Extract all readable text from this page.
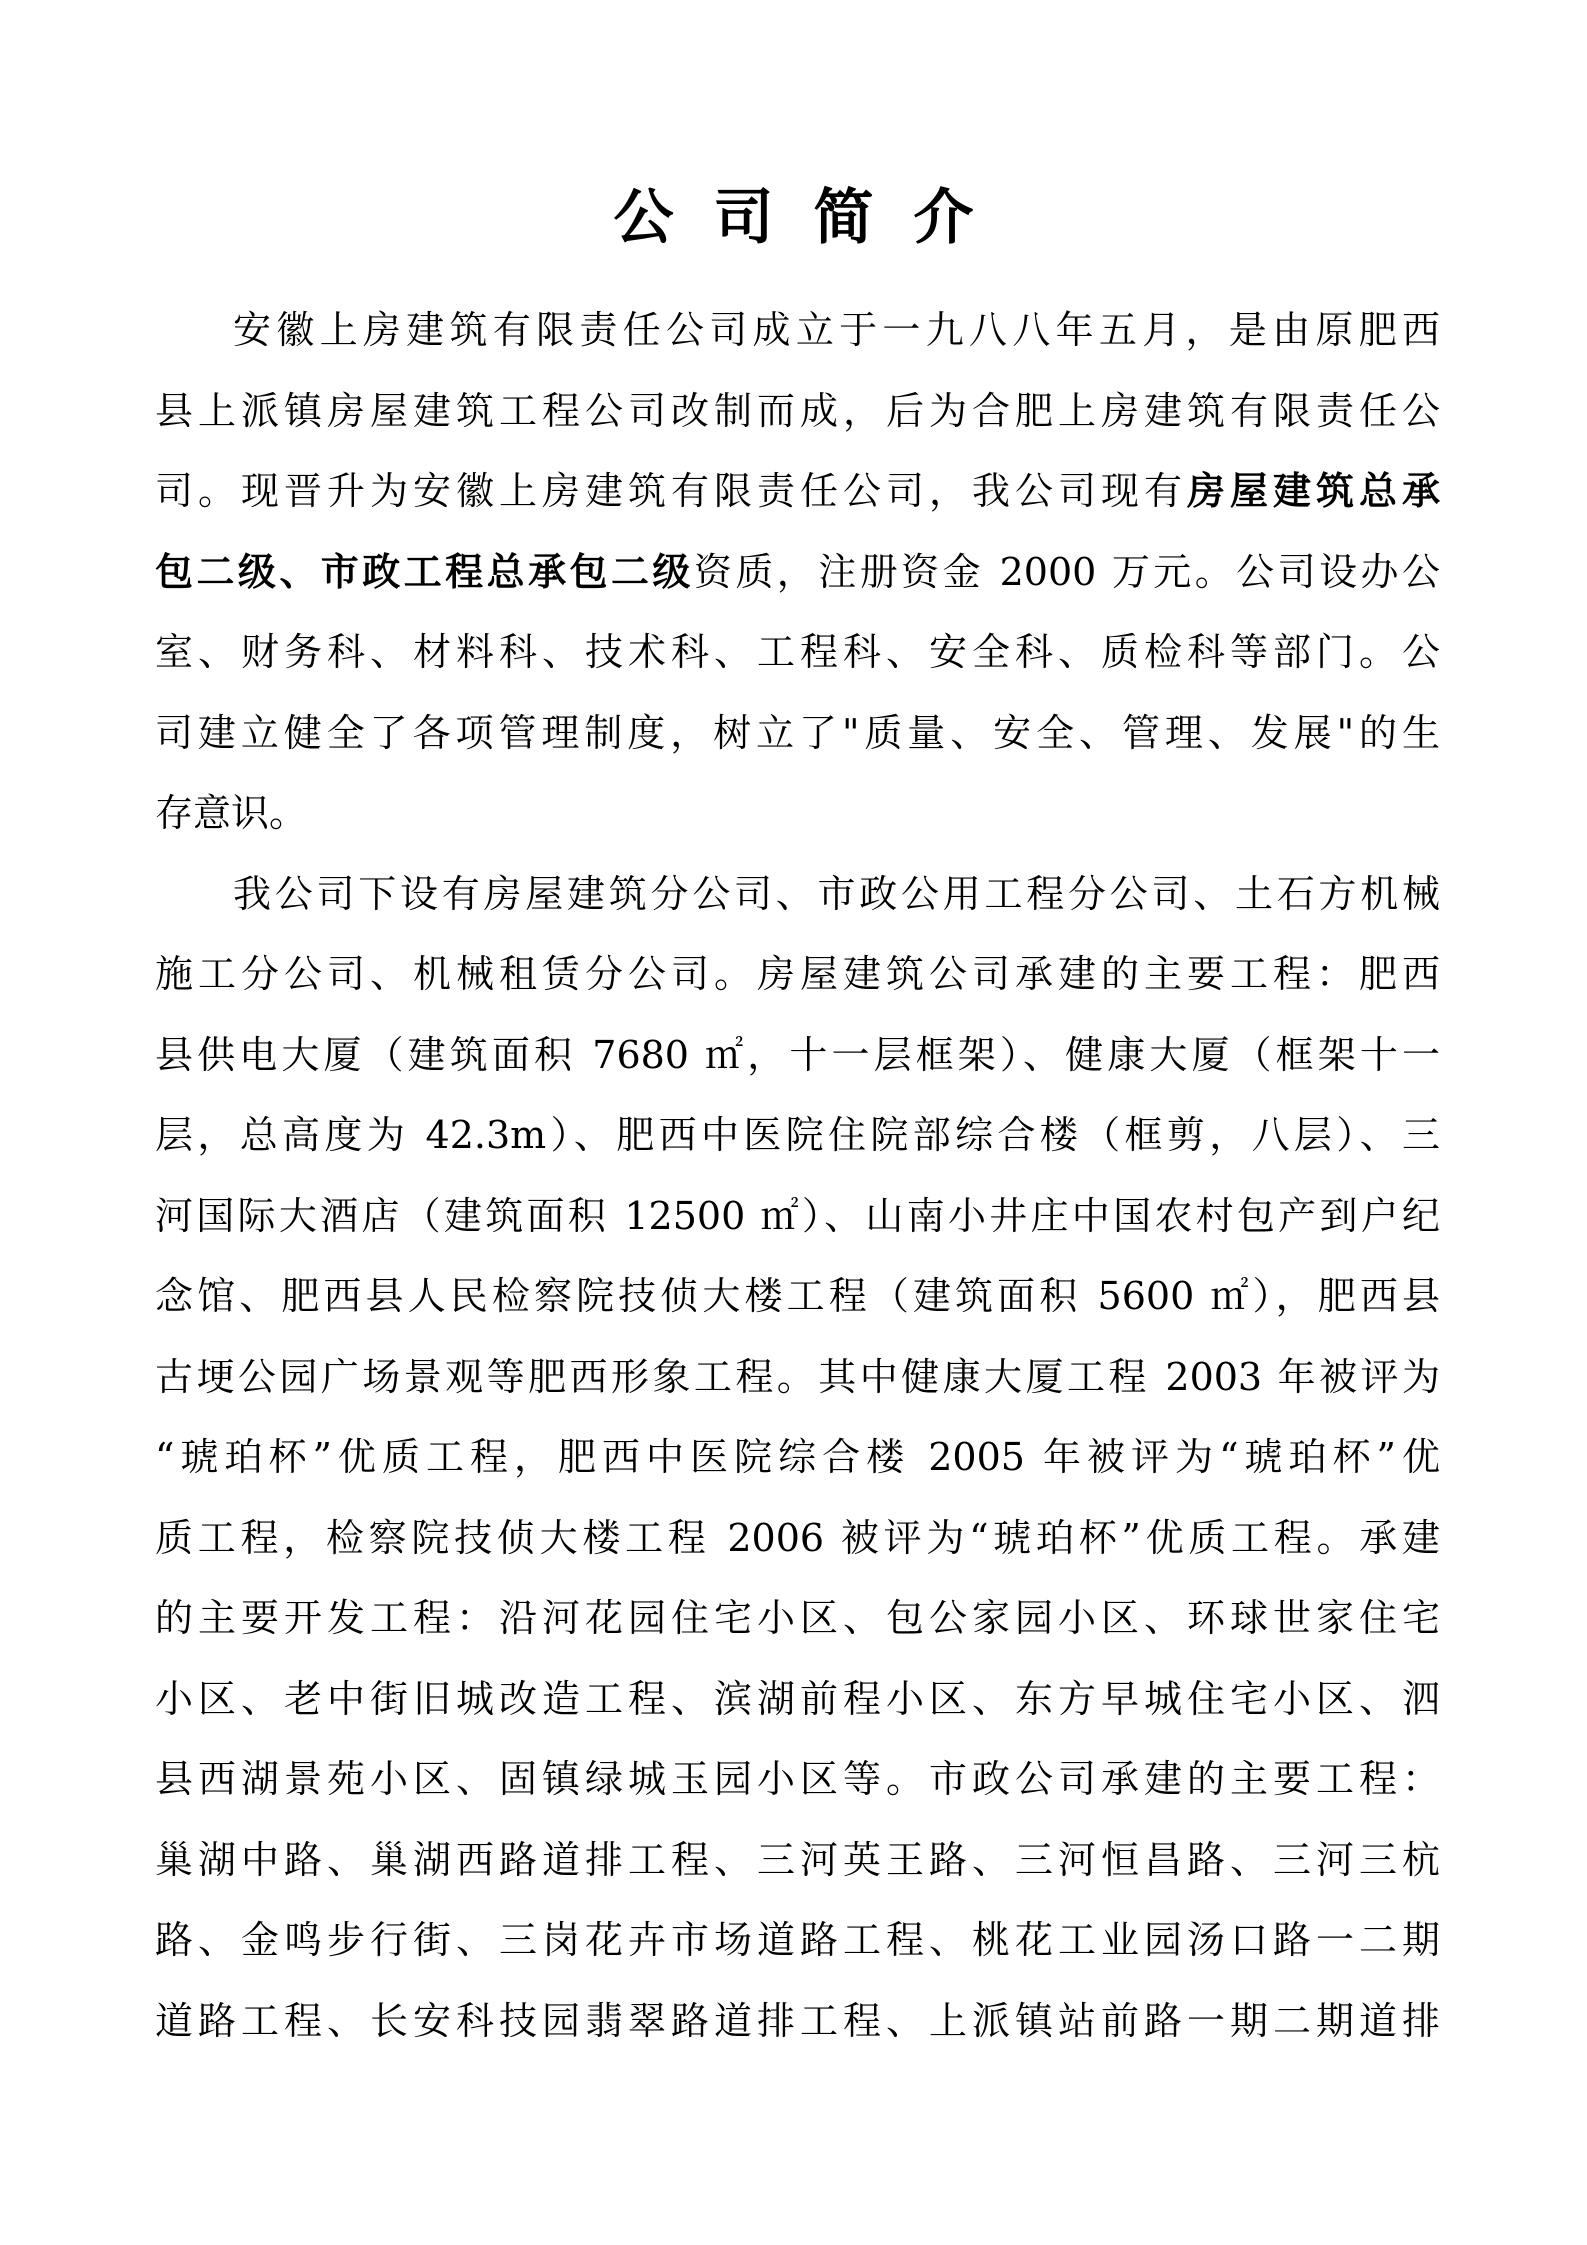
公司简介
安徽上房建筑有限责任公司成立于一九八八年五月，是由原肥西
县上派镇房屋建筑工程公司改制而成，后为合肥上房建筑有限责任公
司。现晋升为安徽上房建筑有限责任公司，我公司现有房屋建筑总承
包二级、市政工程总承包二级资质，注册资金 2000 万元。公司设办公
室、财务科、材料科、技术科、工程科、安全科、质检科等部门。公
司建立健全了各项管理制度，树立了"质量、安全、管理、发展"的生
存意识。
我公司下设有房屋建筑分公司、市政公用工程分公司、土石方机械
施工分公司、机械租赁分公司。房屋建筑公司承建的主要工程：肥西
县供电大厦（建筑面积 7680 ㎡，十一层框架）、健康大厦（框架十一
层，总高度为 42.3m）、肥西中医院住院部综合楼（框剪，八层）、三
河国际大酒店（建筑面积 12500 ㎡）、山南小井庄中国农村包产到户纪
念馆、肥西县人民检察院技侦大楼工程（建筑面积 5600 ㎡），肥西县
古埂公园广场景观等肥西形象工程。其中健康大厦工程 2003 年被评为
“琥珀杯”优质工程，肥西中医院综合楼 2005 年被评为“琥珀杯”优
质工程，检察院技侦大楼工程 2006 被评为“琥珀杯”优质工程。承建
的主要开发工程：沿河花园住宅小区、包公家园小区、环球世家住宅
小区、老中街旧城改造工程、滨湖前程小区、东方早城住宅小区、泗
县西湖景苑小区、固镇绿城玉园小区等。市政公司承建的主要工程：
巢湖中路、巢湖西路道排工程、三河英王路、三河恒昌路、三河三杭
路、金鸣步行街、三岗花卉市场道路工程、桃花工业园汤口路一二期
道路工程、长安科技园翡翠路道排工程、上派镇站前路一期二期道排
